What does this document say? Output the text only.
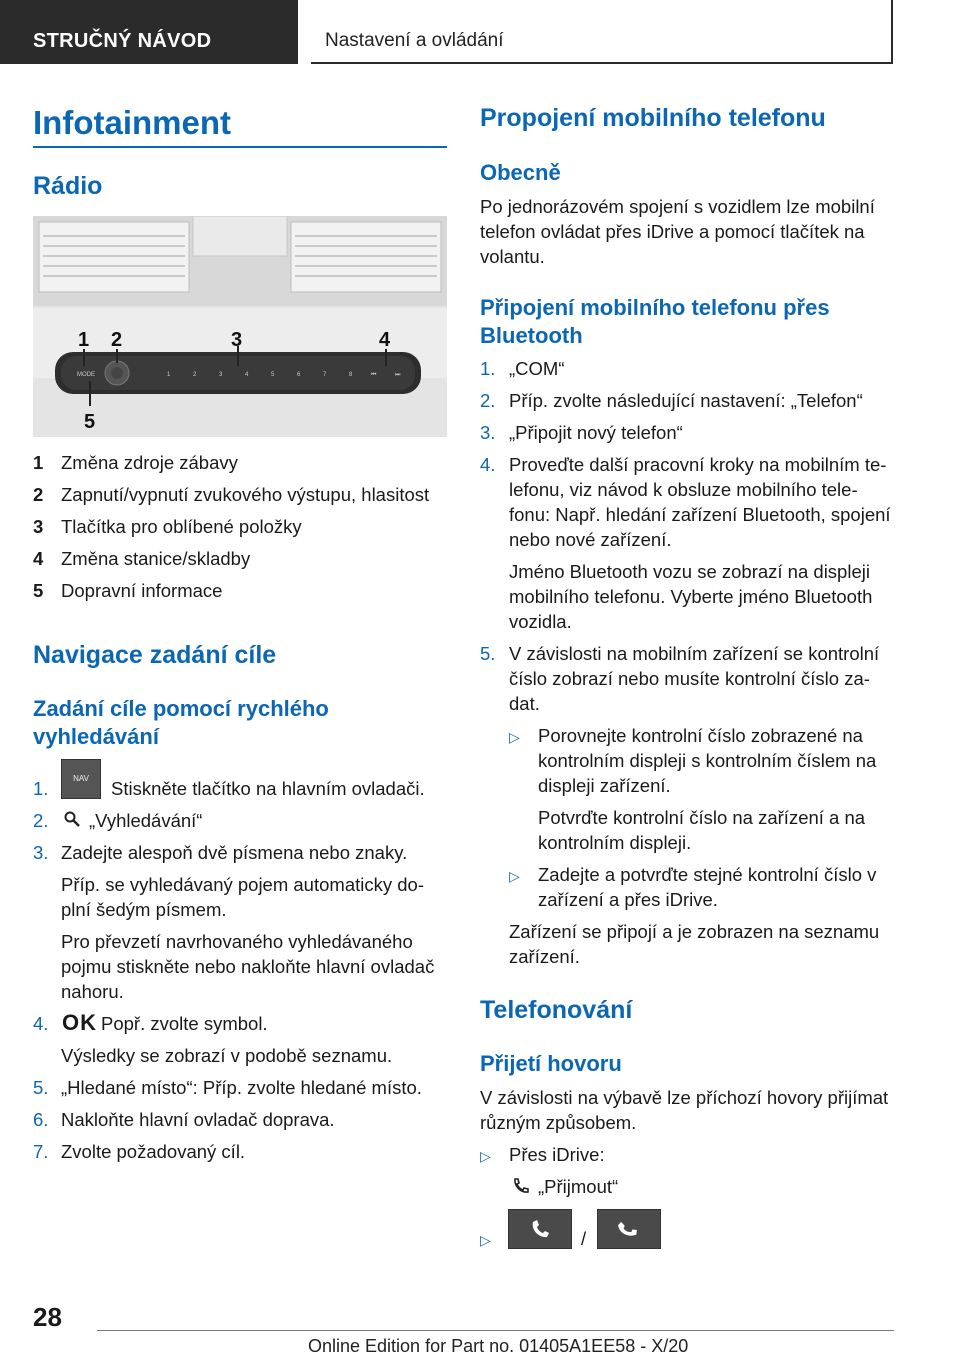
STRUČNÝ NÁVOD	Nastavení a ovládání
Infotainment
Rádio
MODE	1	2	3	4	5	6	7	8	⏮	⏭
1 2	3	4
5
1 Změna zdroje zábavy
2 Zapnutí/vypnutí zvukového výstupu, hlasitost
3 Tlačítka pro oblíbené položky
4 Změna stanice/skladby
5 Dopravní informace
Navigace zadání cíle
Zadání cíle pomocí rychlého
vyhledávání
1.	NAV	Stiskněte tlačítko na hlavním ovladači.
2. „Vyhledávání“
3. Zadejte alespoň dvě písmena nebo znaky.
Příp. se vyhledávaný pojem automaticky do-
plní šedým písmem.
Pro převzetí navrhovaného vyhledávaného
pojmu stiskněte nebo nakloňte hlavní ovladač
nahoru.
4. OK Popř. zvolte symbol.
Výsledky se zobrazí v podobě seznamu.
5. „Hledané místo“: Příp. zvolte hledané místo.
6. Nakloňte hlavní ovladač doprava.
7. Zvolte požadovaný cíl.
Propojení mobilního telefonu
Obecně
Po jednorázovém spojení s vozidlem lze mobilní
telefon ovládat přes iDrive a pomocí tlačítek na
volantu.
Připojení mobilního telefonu přes
Bluetooth
1. „COM“
2. Příp. zvolte následující nastavení: „Telefon“
3. „Připojit nový telefon“
4. Proveďte další pracovní kroky na mobilním te-
lefonu, viz návod k obsluze mobilního tele-
fonu: Např. hledání zařízení Bluetooth, spojení
nebo nové zařízení.
Jméno Bluetooth vozu se zobrazí na displeji
mobilního telefonu. Vyberte jméno Bluetooth
vozidla.
5. V závislosti na mobilním zařízení se kontrolní
číslo zobrazí nebo musíte kontrolní číslo za-
dat.
▷ Porovnejte kontrolní číslo zobrazené na
kontrolním displeji s kontrolním číslem na
displeji zařízení.
Potvrďte kontrolní číslo na zařízení a na
kontrolním displeji.
▷ Zadejte a potvrďte stejné kontrolní číslo v
zařízení a přes iDrive.
Zařízení se připojí a je zobrazen na seznamu
zařízení.
Telefonování
Přijetí hovoru
V závislosti na výbavě lze příchozí hovory přijímat
různým způsobem.
▷ Přes iDrive:
„Přijmout“
▷	/
28
Online Edition for Part no. 01405A1EE58 - X/20
